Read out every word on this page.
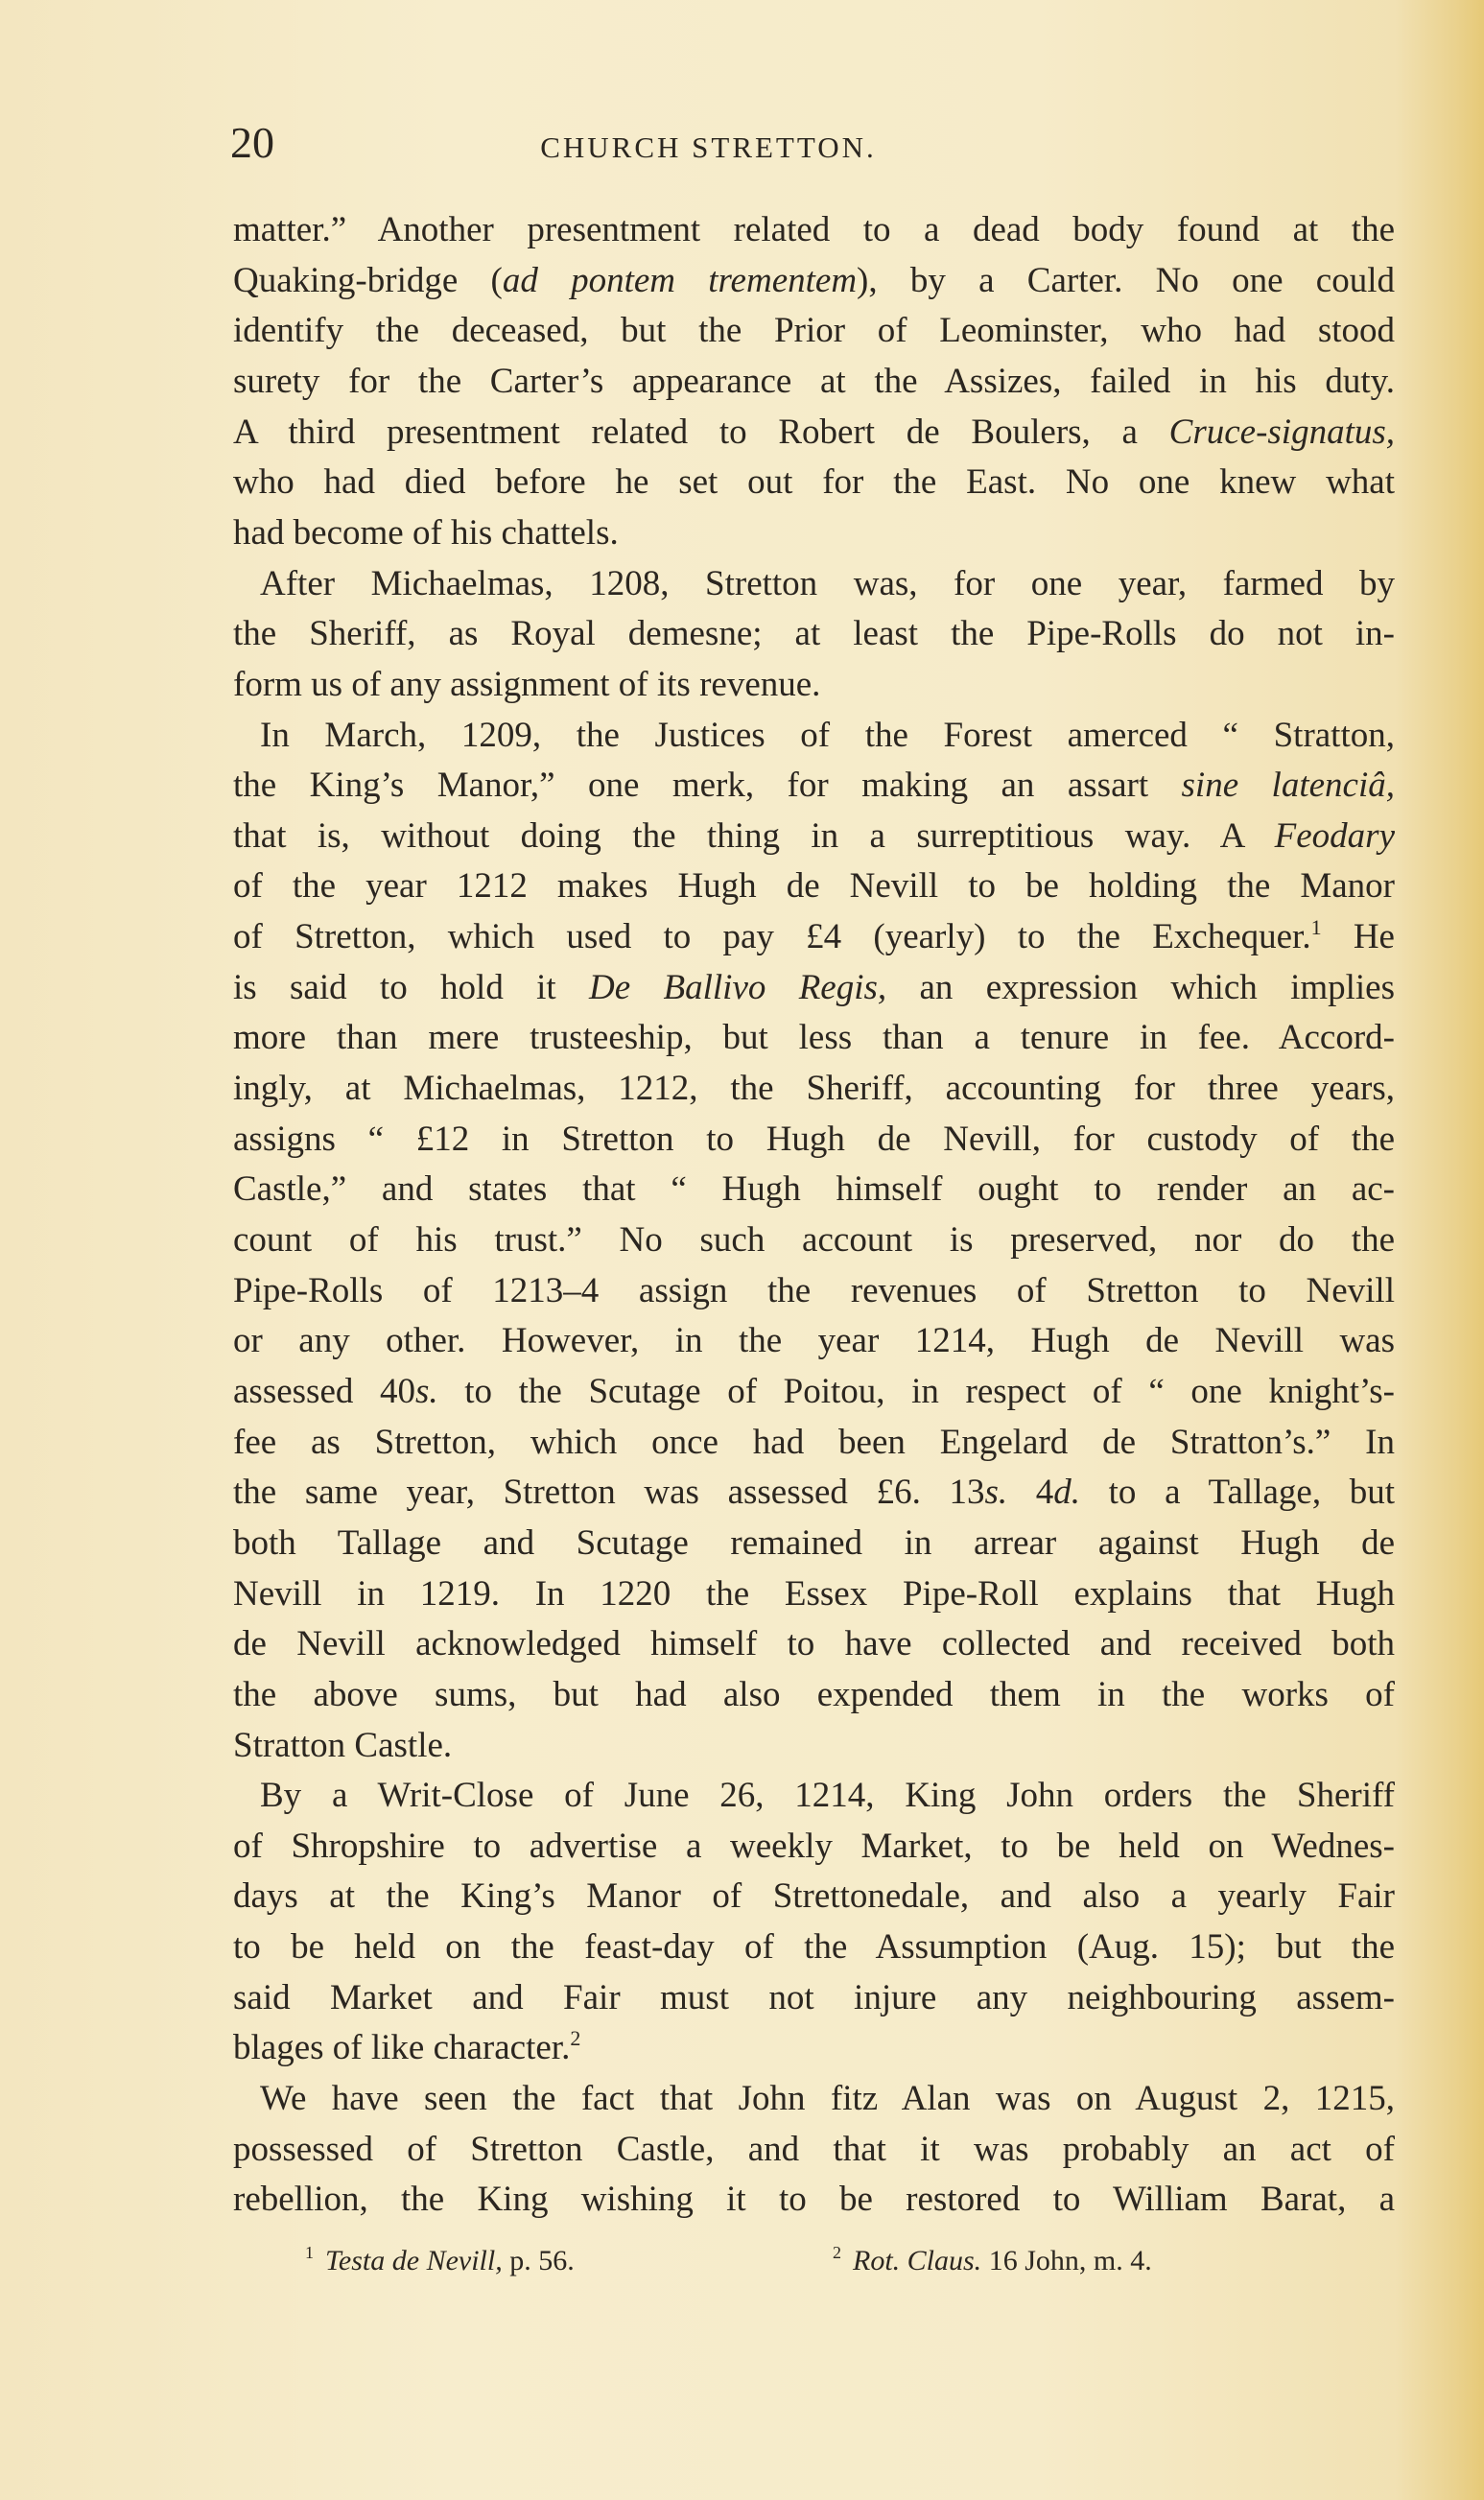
20	CHURCH STRETTON.
matter.” Another presentment related to a dead body found at the
Quaking-bridge (ad pontem trementem), by a Carter. No one could
identify the deceased, but the Prior of Leominster, who had stood
surety for the Carter’s appearance at the Assizes, failed in his duty.
A third presentment related to Robert de Boulers, a Cruce-signatus,
who had died before he set out for the East. No one knew what
had become of his chattels.
After Michaelmas, 1208, Stretton was, for one year, farmed by
the Sheriff, as Royal demesne; at least the Pipe-Rolls do not in-
form us of any assignment of its revenue.
In March, 1209, the Justices of the Forest amerced “ Stratton,
the King’s Manor,” one merk, for making an assart sine latenciâ,
that is, without doing the thing in a surreptitious way. A Feodary
of the year 1212 makes Hugh de Nevill to be holding the Manor
of Stretton, which used to pay £4 (yearly) to the Exchequer.$^1$ He
is said to hold it De Ballivo Regis, an expression which implies
more than mere trusteeship, but less than a tenure in fee. Accord-
ingly, at Michaelmas, 1212, the Sheriff, accounting for three years,
assigns “ £12 in Stretton to Hugh de Nevill, for custody of the
Castle,” and states that “ Hugh himself ought to render an ac-
count of his trust.” No such account is preserved, nor do the
Pipe-Rolls of 1213–4 assign the revenues of Stretton to Nevill
or any other. However, in the year 1214, Hugh de Nevill was
assessed 40s. to the Scutage of Poitou, in respect of “ one knight’s-
fee as Stretton, which once had been Engelard de Stratton’s.” In
the same year, Stretton was assessed £6. 13s. 4d. to a Tallage, but
both Tallage and Scutage remained in arrear against Hugh de
Nevill in 1219. In 1220 the Essex Pipe-Roll explains that Hugh
de Nevill acknowledged himself to have collected and received both
the above sums, but had also expended them in the works of
Stratton Castle.
By a Writ-Close of June 26, 1214, King John orders the Sheriff
of Shropshire to advertise a weekly Market, to be held on Wednes-
days at the King’s Manor of Strettonedale, and also a yearly Fair
to be held on the feast-day of the Assumption (Aug. 15); but the
said Market and Fair must not injure any neighbouring assem-
blages of like character.$^2$
We have seen the fact that John fitz Alan was on August 2, 1215,
possessed of Stretton Castle, and that it was probably an act of
rebellion, the King wishing it to be restored to William Barat, a
$^1$ Testa de Nevill, p. 56.	$^2$ Rot. Claus. 16 John, m. 4.
